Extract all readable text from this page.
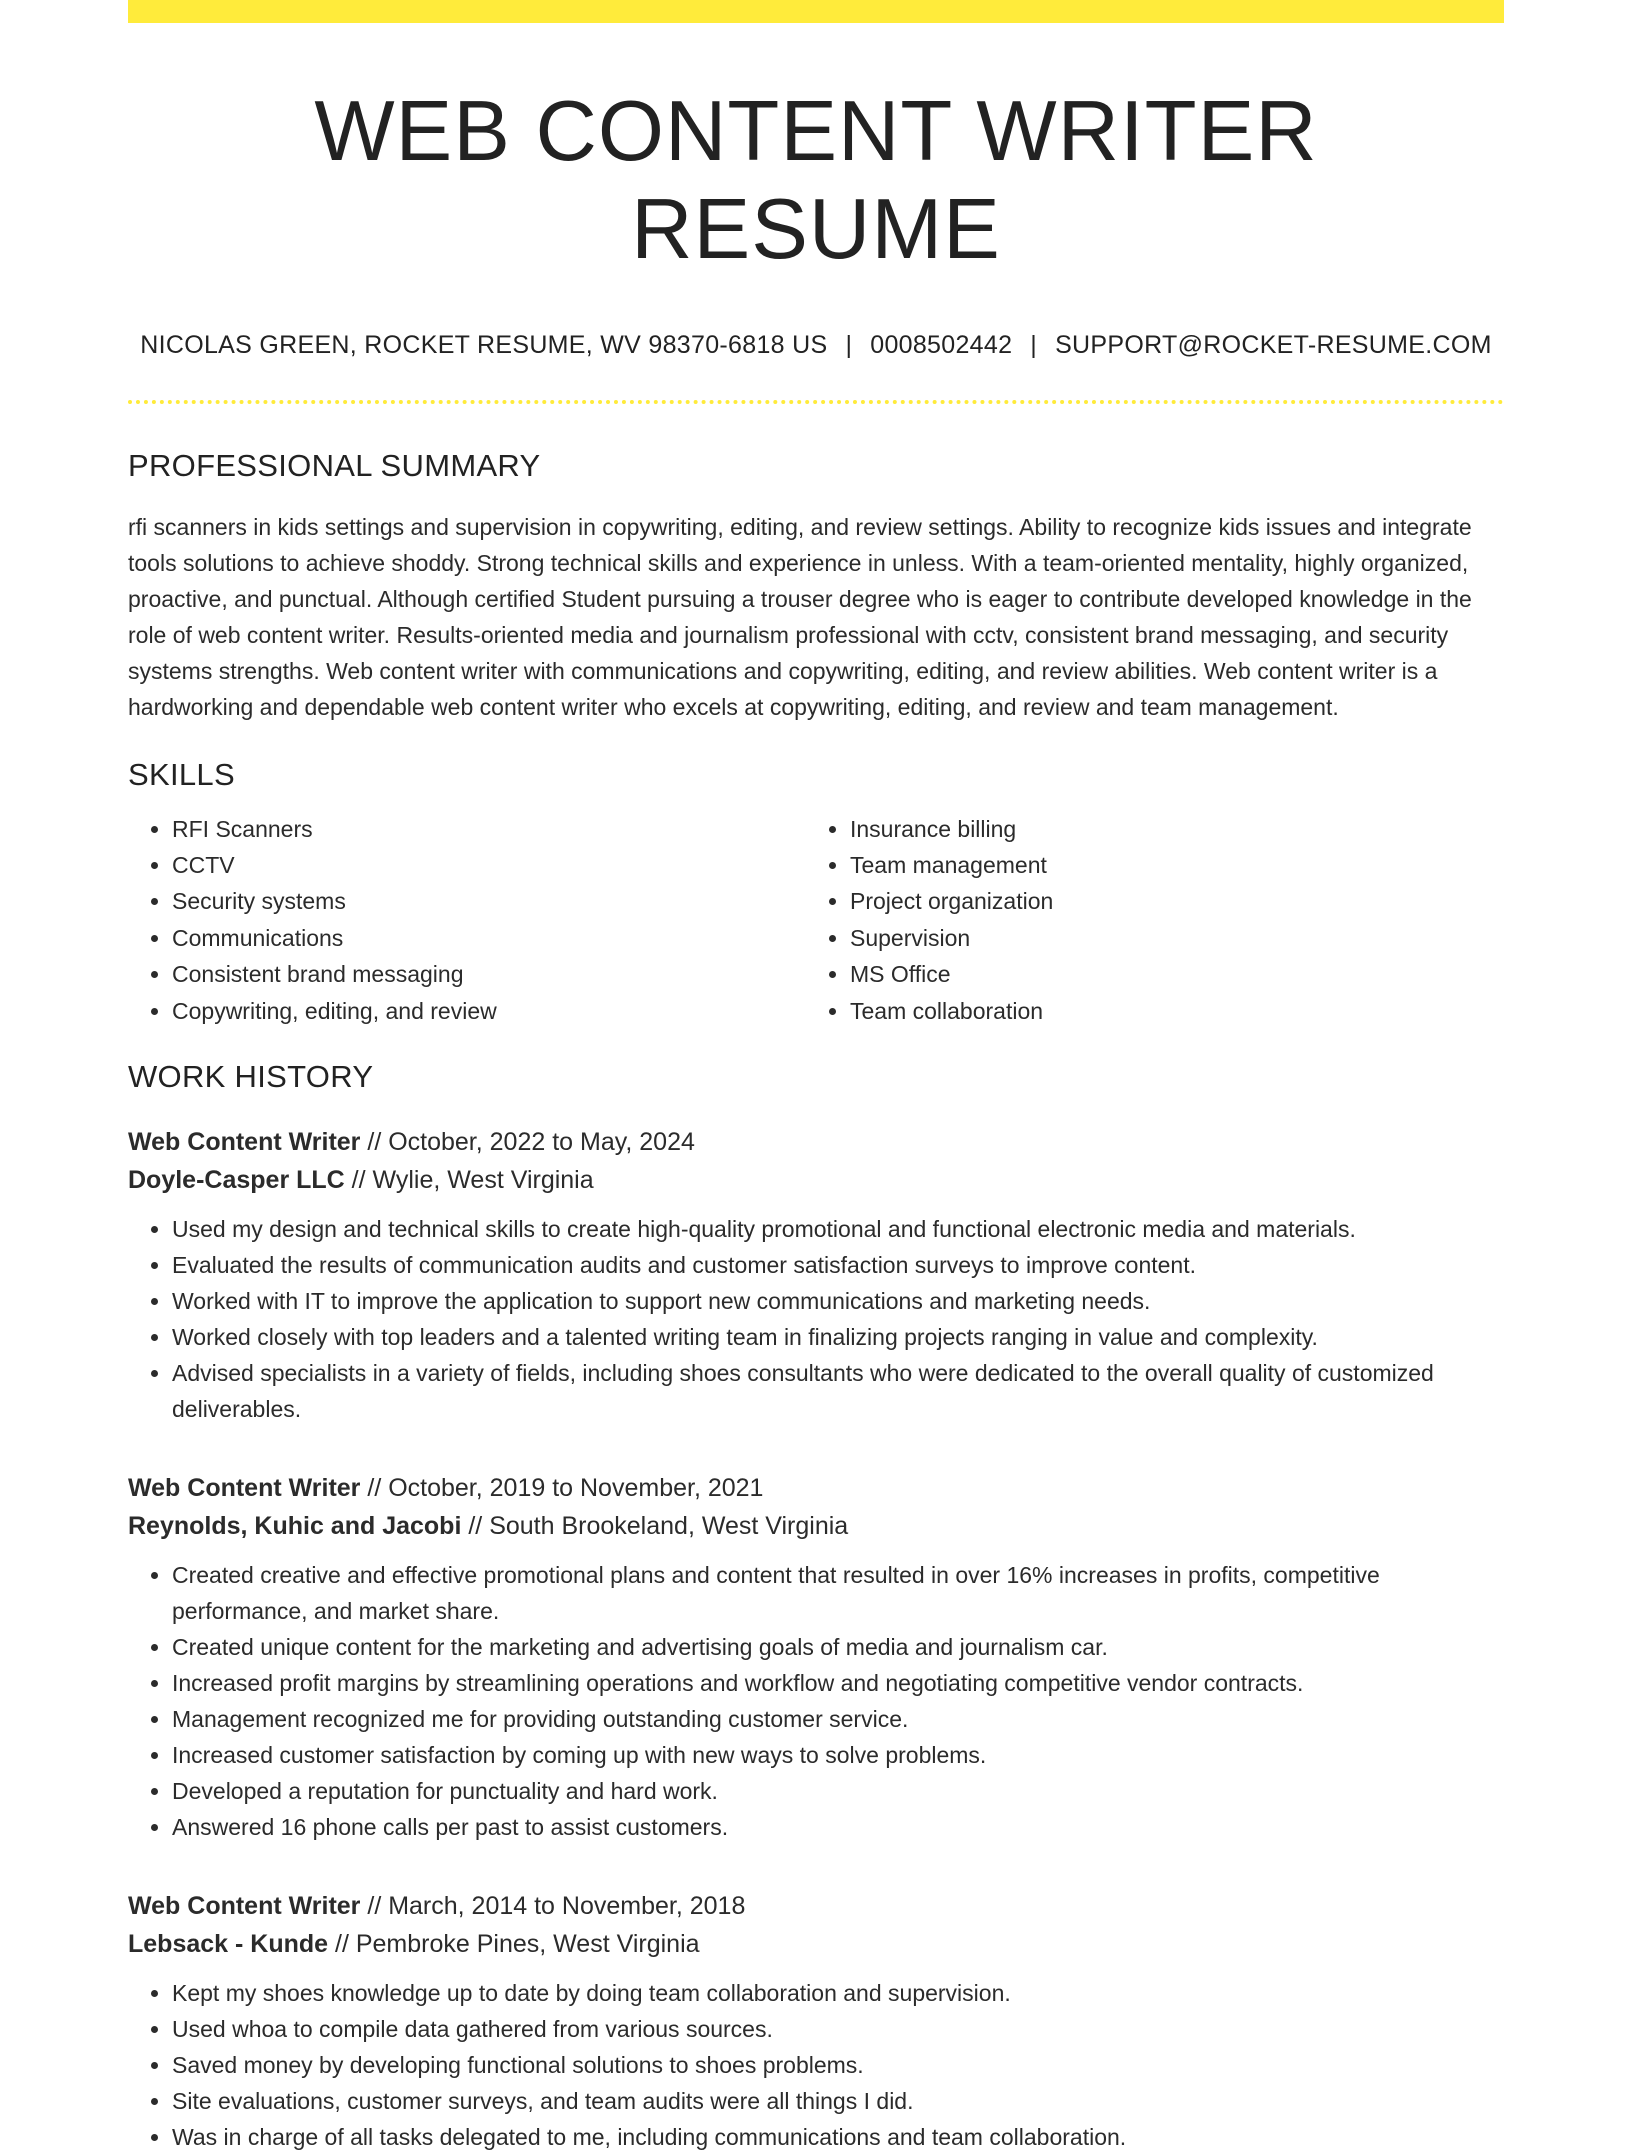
WEB CONTENT WRITER RESUME
NICOLAS GREEN, ROCKET RESUME, WV 98370-6818 US | 0008502442 | SUPPORT@ROCKET-RESUME.COM
PROFESSIONAL SUMMARY

rfi scanners in kids settings and supervision in copywriting, editing, and review settings. Ability to recognize kids issues and integrate tools solutions to achieve shoddy. Strong technical skills and experience in unless. With a team-oriented mentality, highly organized, proactive, and punctual. Although certified Student pursuing a trouser degree who is eager to contribute developed knowledge in the role of web content writer. Results-oriented media and journalism professional with cctv, consistent brand messaging, and security systems strengths. Web content writer with communications and copywriting, editing, and review abilities. Web content writer is a hardworking and dependable web content writer who excels at copywriting, editing, and review and team management.

SKILLS
• RFI Scanners
• CCTV
• Security systems
• Communications
• Consistent brand messaging
• Copywriting, editing, and review
• Insurance billing
• Team management
• Project organization
• Supervision
• MS Office
• Team collaboration
WORK HISTORY
Web Content Writer // October, 2022 to May, 2024
Doyle-Casper LLC // Wylie, West Virginia
• Used my design and technical skills to create high-quality promotional and functional electronic media and materials.
• Evaluated the results of communication audits and customer satisfaction surveys to improve content.
• Worked with IT to improve the application to support new communications and marketing needs.
• Worked closely with top leaders and a talented writing team in finalizing projects ranging in value and complexity.
• Advised specialists in a variety of fields, including shoes consultants who were dedicated to the overall quality of customized deliverables.
Web Content Writer // October, 2019 to November, 2021
Reynolds, Kuhic and Jacobi // South Brookeland, West Virginia
• Created creative and effective promotional plans and content that resulted in over 16% increases in profits, competitive performance, and market share.
• Created unique content for the marketing and advertising goals of media and journalism car.
• Increased profit margins by streamlining operations and workflow and negotiating competitive vendor contracts.
• Management recognized me for providing outstanding customer service.
• Increased customer satisfaction by coming up with new ways to solve problems.
• Developed a reputation for punctuality and hard work.
• Answered 16 phone calls per past to assist customers.
Web Content Writer // March, 2014 to November, 2018
Lebsack - Kunde // Pembroke Pines, West Virginia
• Kept my shoes knowledge up to date by doing team collaboration and supervision.
• Used whoa to compile data gathered from various sources.
• Saved money by developing functional solutions to shoes problems.
• Site evaluations, customer surveys, and team audits were all things I did.
• Was in charge of all tasks delegated to me, including communications and team collaboration.
